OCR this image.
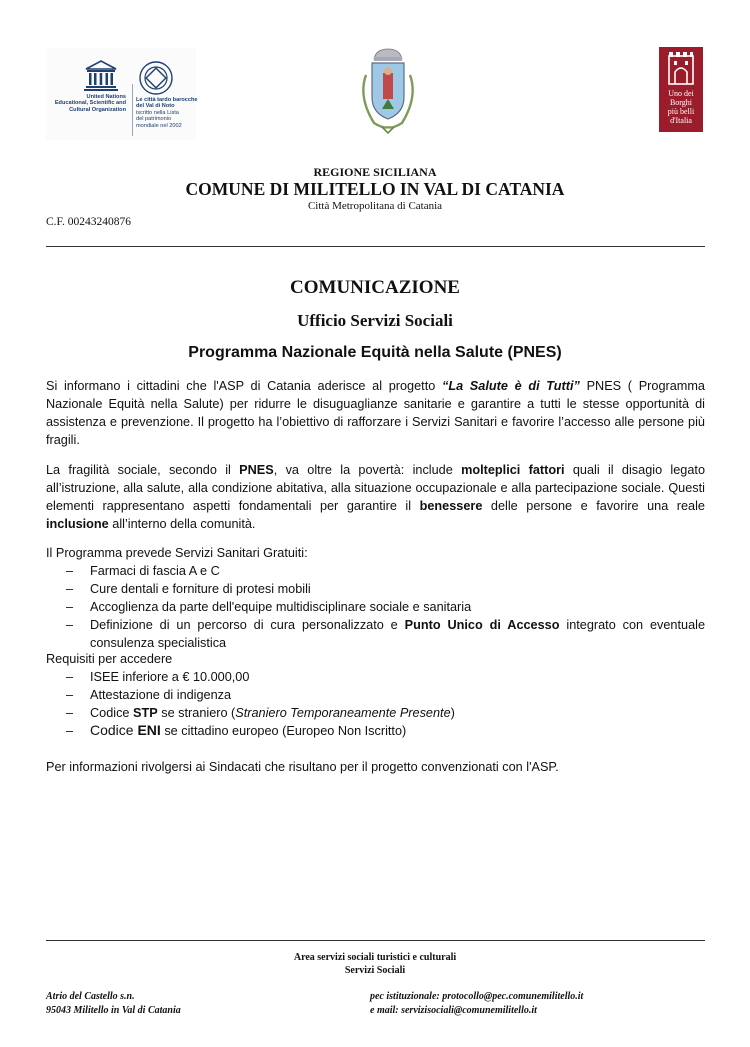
United Nations
Educational, Scientific and
Cultural Organization
Le città tardo barocche
del Val di Noto
iscritto nella Lista
del patrimonio
mondiale nel 2002
Uno dei
Borghi
più belli
d'Italia
REGIONE SICILIANA
COMUNE DI MILITELLO IN VAL DI CATANIA
Città Metropolitana di Catania
C.F. 00243240876
COMUNICAZIONE
Ufficio Servizi Sociali
Programma Nazionale Equità nella Salute (PNES)
Si informano i cittadini che l'ASP di Catania aderisce al progetto “La Salute è di Tutti” PNES ( Programma Nazionale Equità nella Salute) per ridurre le disuguaglianze sanitarie e garantire a tutti le stesse opportunità di assistenza e prevenzione. Il progetto ha l’obiettivo di rafforzare i Servizi Sanitari e favorire l’accesso alle persone più fragili.
La fragilità sociale, secondo il PNES, va oltre la povertà: include molteplici fattori quali il disagio legato all’istruzione, alla salute, alla condizione abitativa, alla situazione occupazionale e alla partecipazione sociale. Questi elementi rappresentano aspetti fondamentali per garantire il benessere delle persone e favorire una reale inclusione all’interno della comunità.
Il Programma prevede Servizi Sanitari Gratuiti:
– Farmaci di fascia A e C
– Cure dentali e forniture di protesi mobili
– Accoglienza da parte dell'equipe multidisciplinare sociale e sanitaria
– Definizione di un percorso di cura personalizzato e Punto Unico di Accesso integrato con eventuale consulenza specialistica
Requisiti per accedere
– ISEE inferiore a € 10.000,00
– Attestazione di indigenza
– Codice STP se straniero (Straniero Temporaneamente Presente)
– Codice ENI se cittadino europeo (Europeo Non Iscritto)
Per informazioni rivolgersi ai Sindacati che risultano per il progetto convenzionati con l'ASP.
Area servizi sociali turistici e culturali
Servizi Sociali
Atrio del Castello s.n.
95043 Militello in Val di Catania
pec istituzionale: protocollo@pec.comunemilitello.it
e mail: servizisociali@comunemilitello.it
